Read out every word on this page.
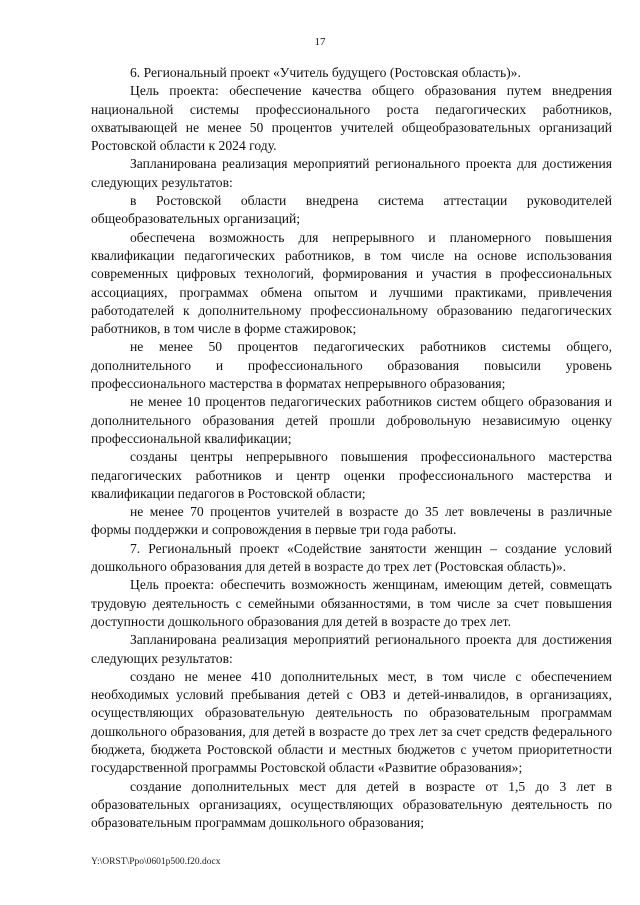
17

6. Региональный проект «Учитель будущего (Ростовская область)».

Цель проекта: обеспечение качества общего образования путем внедрения национальной системы профессионального роста педагогических работников, охватывающей не менее 50 процентов учителей общеобразовательных организаций Ростовской области к 2024 году.

Запланирована реализация мероприятий регионального проекта для достижения следующих результатов:

в Ростовской области внедрена система аттестации руководителей общеобразовательных организаций;

обеспечена возможность для непрерывного и планомерного повышения квалификации педагогических работников, в том числе на основе использования современных цифровых технологий, формирования и участия в профессиональных ассоциациях, программах обмена опытом и лучшими практиками, привлечения работодателей к дополнительному профессиональному образованию педагогических работников, в том числе в форме стажировок;

не менее 50 процентов педагогических работников системы общего, дополнительного и профессионального образования повысили уровень профессионального мастерства в форматах непрерывного образования;

не менее 10 процентов педагогических работников систем общего образования и дополнительного образования детей прошли добровольную независимую оценку профессиональной квалификации;

созданы центры непрерывного повышения профессионального мастерства педагогических работников и центр оценки профессионального мастерства и квалификации педагогов в Ростовской области;

не менее 70 процентов учителей в возрасте до 35 лет вовлечены в различные формы поддержки и сопровождения в первые три года работы.

7. Региональный проект «Содействие занятости женщин – создание условий дошкольного образования для детей в возрасте до трех лет (Ростовская область)».

Цель проекта: обеспечить возможность женщинам, имеющим детей, совмещать трудовую деятельность с семейными обязанностями, в том числе за счет повышения доступности дошкольного образования для детей в возрасте до трех лет.

Запланирована реализация мероприятий регионального проекта для достижения следующих результатов:

создано не менее 410 дополнительных мест, в том числе с обеспечением необходимых условий пребывания детей с ОВЗ и детей-инвалидов, в организациях, осуществляющих образовательную деятельность по образовательным программам дошкольного образования, для детей в возрасте до трех лет за счет средств федерального бюджета, бюджета Ростовской области и местных бюджетов с учетом приоритетности государственной программы Ростовской области «Развитие образования»;

создание дополнительных мест для детей в возрасте от 1,5 до 3 лет в образовательных организациях, осуществляющих образовательную деятельность по образовательным программам дошкольного образования;

Y:\ORST\Ppo\0601p500.f20.docx
